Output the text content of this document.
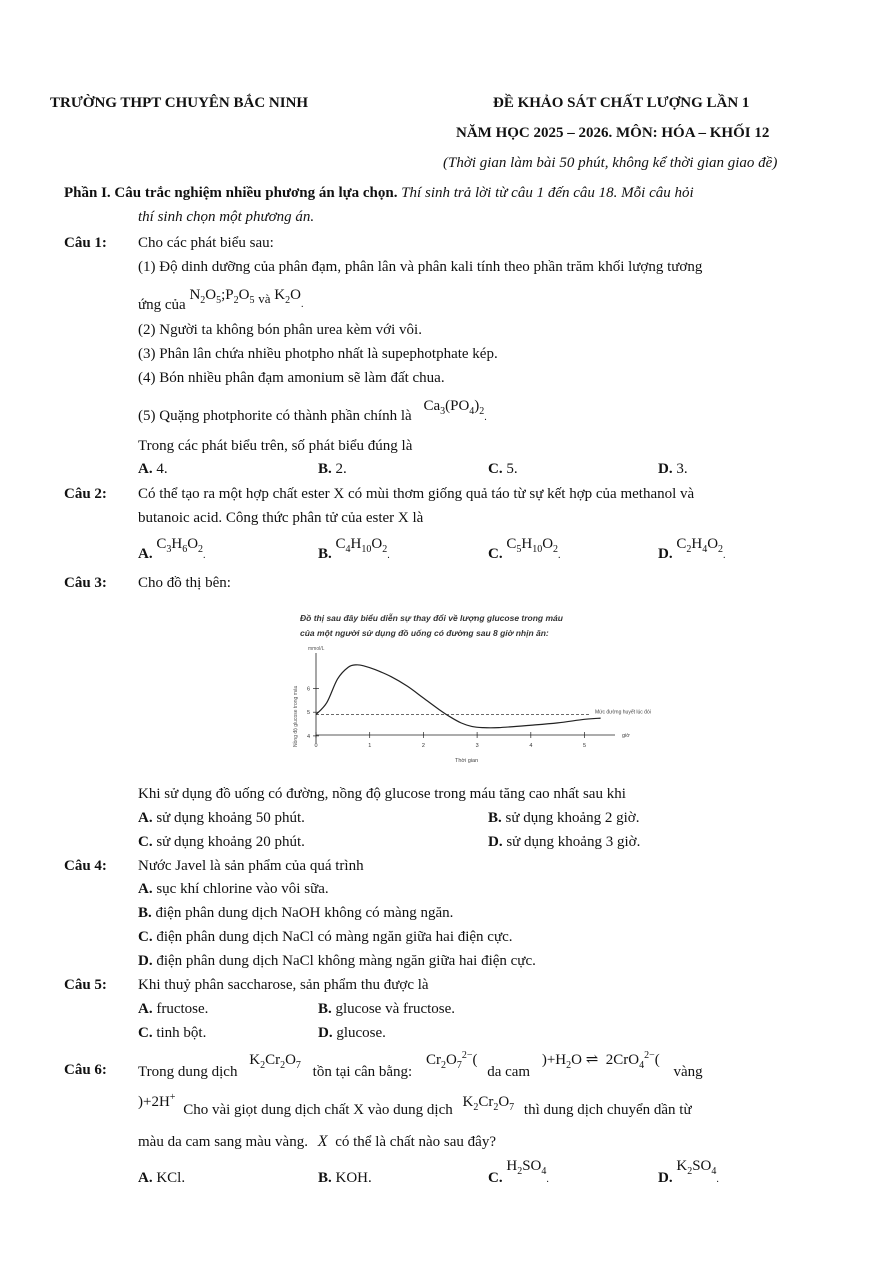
TRƯỜNG THPT CHUYÊN BẮC NINH	ĐỀ KHẢO SÁT CHẤT LƯỢNG LẦN 1
NĂM HỌC 2025 – 2026. MÔN: HÓA – KHỐI 12
(Thời gian làm bài 50 phút, không kể thời gian giao đề)
Phần I. Câu trắc nghiệm nhiều phương án lựa chọn. Thí sinh trả lời từ câu 1 đến câu 18. Mỗi câu hỏi
thí sinh chọn một phương án.
Câu 1: Cho các phát biểu sau:
(1) Độ dinh dưỡng của phân đạm, phân lân và phân kali tính theo phần trăm khối lượng tương
ứng của $N_2O_5;P_2O_5$ và $K_2O_.$
(2) Người ta không bón phân urea kèm với vôi.
(3) Phân lân chứa nhiều photpho nhất là supephotphate kép.
(4) Bón nhiều phân đạm amonium sẽ làm đất chua.
(5) Quặng photphorite có thành phần chính là $Ca_3(PO_4)_{2.}$
Trong các phát biểu trên, số phát biểu đúng là
A. 4.	B. 2.	C. 5.	D. 3.
Câu 2: Có thể tạo ra một hợp chất ester X có mùi thơm giống quả táo từ sự kết hợp của methanol và
butanoic acid. Công thức phân tử của ester X là
A. $C_3H_6O_{2.}$	B. $C_4H_{10}O_{2.}$	C. $C_5H_{10}O_{2.}$	D. $C_2H_4O_{2.}$
Câu 3: Cho đồ thị bên:
Đồ thị sau đây biểu diễn sự thay đổi về lượng glucose trong máu
của một người sử dụng đồ uống có đường sau 8 giờ nhịn ăn:
mmol/L
Nồng độ glucose trong máu	0	1	2	3	4	5
4
5
6
Mức đường huyết lúc đói
giờ
Thời gian
Khi sử dụng đồ uống có đường, nồng độ glucose trong máu tăng cao nhất sau khi
A. sử dụng khoảng 50 phút.	B. sử dụng khoảng 2 giờ.
C. sử dụng khoảng 20 phút.	D. sử dụng khoảng 3 giờ.
Câu 4: Nước Javel là sản phẩm của quá trình
A. sục khí chlorine vào vôi sữa.
B. điện phân dung dịch NaOH không có màng ngăn.
C. điện phân dung dịch NaCl có màng ngăn giữa hai điện cực.
D. điện phân dung dịch NaCl không màng ngăn giữa hai điện cực.
Câu 5: Khi thuỷ phân saccharose, sản phẩm thu được là
A. fructose.	B. glucose và fructose.
C. tinh bột.	D. glucose.
Câu 6: Trong dung dịch $K_2Cr_2O_7$ tồn tại cân bằng: $Cr_2O_7^{2-}$( da cam )$+H_2O$ ⇌  2CrO$_4^{2-}$( vàng
)+2H+ Cho vài giọt dung dịch chất X vào dung dịch $K_2Cr_2O_7$ thì dung dịch chuyển dần từ
màu da cam sang màu vàng. X có thể là chất nào sau đây?
A. KCl.	B. KOH.	C. $H_2SO_{4.}$	D. $K_2SO_{4.}$
